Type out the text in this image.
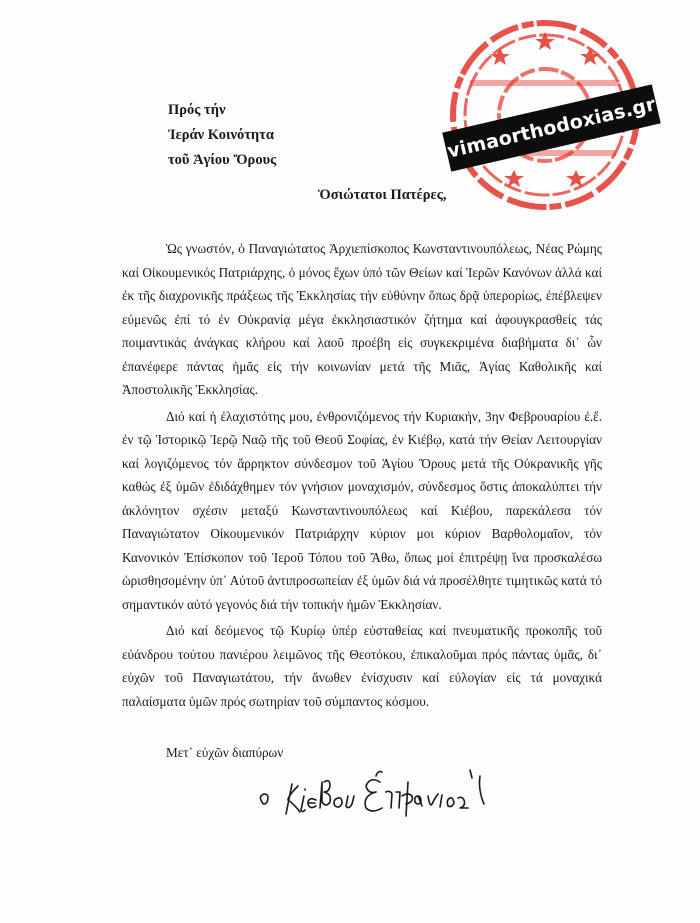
Πρός τήν
Ἱεράν Κοινότητα
τοῦ Ἁγίου Ὄρους
Ὁσιώτατοι Πατέρες,

Ὡς γνωστόν, ὁ Παναγιώτατος Ἀρχιεπίσκοπος Κωνσταντινουπόλεως, Νέας Ρώμης καί Οἰκουμενικός Πατριάρχης, ὁ μόνος ἔχων ὑπό τῶν Θείων καί Ἱερῶν Κανόνων ἀλλά καί ἐκ τῆς διαχρονικῆς πράξεως τῆς Ἐκκλησίας τήν εὐθύνην ὅπως δρᾷ ὑπερορίως, ἐπέβλεψεν εὐμενῶς ἐπί τό ἐν Οὐκρανίᾳ μέγα ἐκκλησιαστικόν ζήτημα καί ἀφουγκρασθείς τάς ποιμαντικάς ἀνάγκας κλήρου καί λαοῦ προέβη εἰς συγκεκριμένα διαβήματα δι᾽ ὧν ἐπανέφερε πάντας ἡμᾶς εἰς τήν κοινωνίαν μετά τῆς Μιᾶς, Ἁγίας Καθολικῆς καί Ἀποστολικῆς Ἐκκλησίας.

Διό καί ἡ ἐλαχιστότης μου, ἐνθρονιζόμενος τήν Κυριακήν, 3ην Φεβρουαρίου ἐ.ἔ. ἐν τῷ Ἱστορικῷ Ἱερῷ Ναῷ τῆς τοῦ Θεοῦ Σοφίας, ἐν Κιέβῳ, κατά τήν Θείαν Λειτουργίαν καί λογιζόμενος τόν ἄρρηκτον σύνδεσμον τοῦ Ἁγίου Ὄρους μετά τῆς Οὐκρανικῆς γῆς καθώς ἐξ ὑμῶν ἐδιδάχθημεν τόν γνήσιον μοναχισμόν, σύνδεσμος ὅστις ἀποκαλύπτει τήν ἀκλόνητον σχέσιν μεταξύ Κωνσταντινουπόλεως καί Κιέβου, παρεκάλεσα τόν Παναγιώτατον Οἰκουμενικόν Πατριάρχην κύριον μοι κύριον Βαρθολομαῖον, τόν Κανονικόν Ἐπίσκοπον τοῦ Ἱεροῦ Τόπου τοῦ Ἄθω, ὅπως μοί ἐπιτρέψῃ ἵνα προσκαλέσω ὡρισθησομένην ὑπ᾽ Αὐτοῦ ἀντιπροσωπείαν ἐξ ὑμῶν διά νά προσέλθητε τιμητικῶς κατά τό σημαντικόν αὐτό γεγονός διά τήν τοπικήν ἡμῶν Ἐκκλησίαν.

Διό καί δεόμενος τῷ Κυρίῳ ὑπέρ εὐσταθείας καί πνευματικῆς προκοπῆς τοῦ εὐάνδρου τούτου πανιέρου λειμῶνος τῆς Θεοτόκου, ἐπικαλοῦμαι πρός πάντας ὑμᾶς, δι᾽ εὐχῶν τοῦ Παναγιωτάτου, τήν ἄνωθεν ἐνίσχυσιν καί εὐλογίαν εἰς τά μοναχικά παλαίσματα ὑμῶν πρός σωτηρίαν τοῦ σύμπαντος κόσμου.

Μετ᾽ εὐχῶν διαπύρων
vimaorthodoxias.gr
